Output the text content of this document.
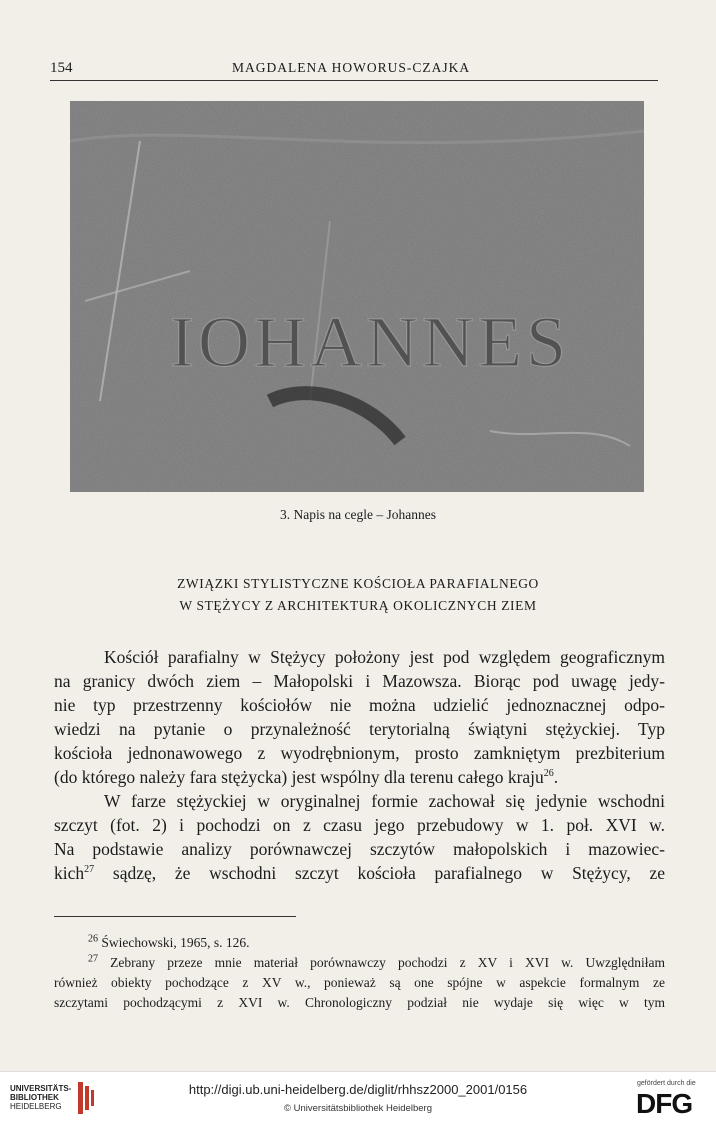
154	MAGDALENA HOWORUS-CZAJKA
IOHANNES
3. Napis na cegle – Johannes
ZWIĄZKI STYLISTYCZNE KOŚCIOŁA PARAFIALNEGO
W STĘŻYCY Z ARCHITEKTURĄ OKOLICZNYCH ZIEM
Kościół parafialny w Stężycy położony jest pod względem geograficznym
na granicy dwóch ziem – Małopolski i Mazowsza. Biorąc pod uwagę jedy-
nie typ przestrzenny kościołów nie można udzielić jednoznacznej odpo-
wiedzi na pytanie o przynależność terytorialną świątyni stężyckiej. Typ
kościoła jednonawowego z wyodrębnionym, prosto zamkniętym prezbiterium
(do którego należy fara stężycka) jest wspólny dla terenu całego kraju$^{26}$.
W farze stężyckiej w oryginalnej formie zachował się jedynie wschodni
szczyt (fot. 2) i pochodzi on z czasu jego przebudowy w 1. poł. XVI w.
Na podstawie analizy porównawczej szczytów małopolskich i mazowiec-
kich$^{27}$ sądzę, że wschodni szczyt kościoła parafialnego w Stężycy, ze
$^{26}$ Świechowski, 1965, s. 126.
$^{27}$ Zebrany przeze mnie materiał porównawczy pochodzi z XV i XVI w. Uwzględniłam
również obiekty pochodzące z XV w., ponieważ są one spójne w aspekcie formalnym ze
szczytami pochodzącymi z XVI w. Chronologiczny podział nie wydaje się więc w tym
UNIVERSITÄTS-
BIBLIOTHEK
HEIDELBERG
http://digi.ub.uni-heidelberg.de/diglit/rhhsz2000_2001/0156
© Universitätsbibliothek Heidelberg
gefördert durch die
DFG
